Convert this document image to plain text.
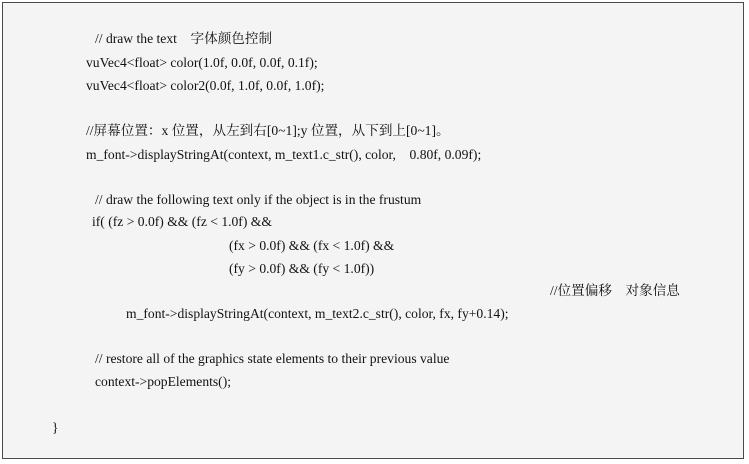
// draw the text    字体颜色控制
vuVec4<float> color(1.0f, 0.0f, 0.0f, 0.1f);
vuVec4<float> color2(0.0f, 1.0f, 0.0f, 1.0f);
//屏幕位置：x 位置，从左到右[0~1];y 位置，从下到上[0~1]。
m_font->displayStringAt(context, m_text1.c_str(), color,    0.80f, 0.09f);
// draw the following text only if the object is in the frustum
if( (fz > 0.0f) && (fz < 1.0f) &&
(fx > 0.0f) && (fx < 1.0f) &&
(fy > 0.0f) && (fy < 1.0f))
//位置偏移    对象信息
m_font->displayStringAt(context, m_text2.c_str(), color, fx, fy+0.14);
// restore all of the graphics state elements to their previous value
context->popElements();
}
